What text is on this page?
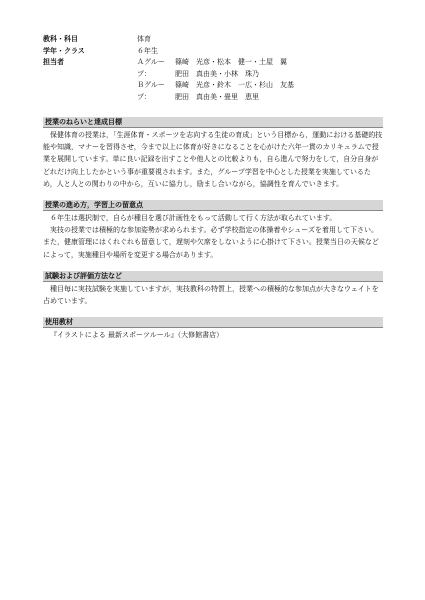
教科・科目	体育
学年・クラス	６年生
担当者	Ａグループ：
篠崎　光彦・松本　健一・土屋　翼
肥田　真由美・小林　珠乃
Ｂグループ：
篠崎　光彦・鈴木　一広・杉山　友基
肥田　真由美・畳里　恵里
授業のねらいと達成目標

保健体育の授業は，「生涯体育・スポーツを志向する生徒の育成」という目標から，運動における基礎的技能や知識，マナーを習得させ，今まで以上に体育が好きになることを心がけた六年一貫のカリキュラムで授業を展開しています。単に良い記録を出すことや他人との比較よりも，自ら進んで努力をして，自分自身がどれだけ向上したかという事が重要視されます。また，グループ学習を中心とした授業を実施しているため，人と人との関わりの中から，互いに協力し，励まし合いながら，協調性を育んでいきます。

授業の進め方，学習上の留意点

６年生は選択制で，自らが種目を選び計画性をもって活動して行く方法が取られています。

実技の授業では積極的な参加姿勢が求められます。必ず学校指定の体操着やシューズを着用して下さい。また，健康管理にはくれぐれも留意して，遅刻や欠席をしないように心掛けて下さい。授業当日の天候などによって，実施種目や場所を変更する場合があります。

試験および評価方法など

種目毎に実技試験を実施していますが，実技教科の特質上，授業への積極的な参加点が大きなウェイトを占めています。

使用教材

『イラストによる 最新スポーツルール』（大修館書店）
